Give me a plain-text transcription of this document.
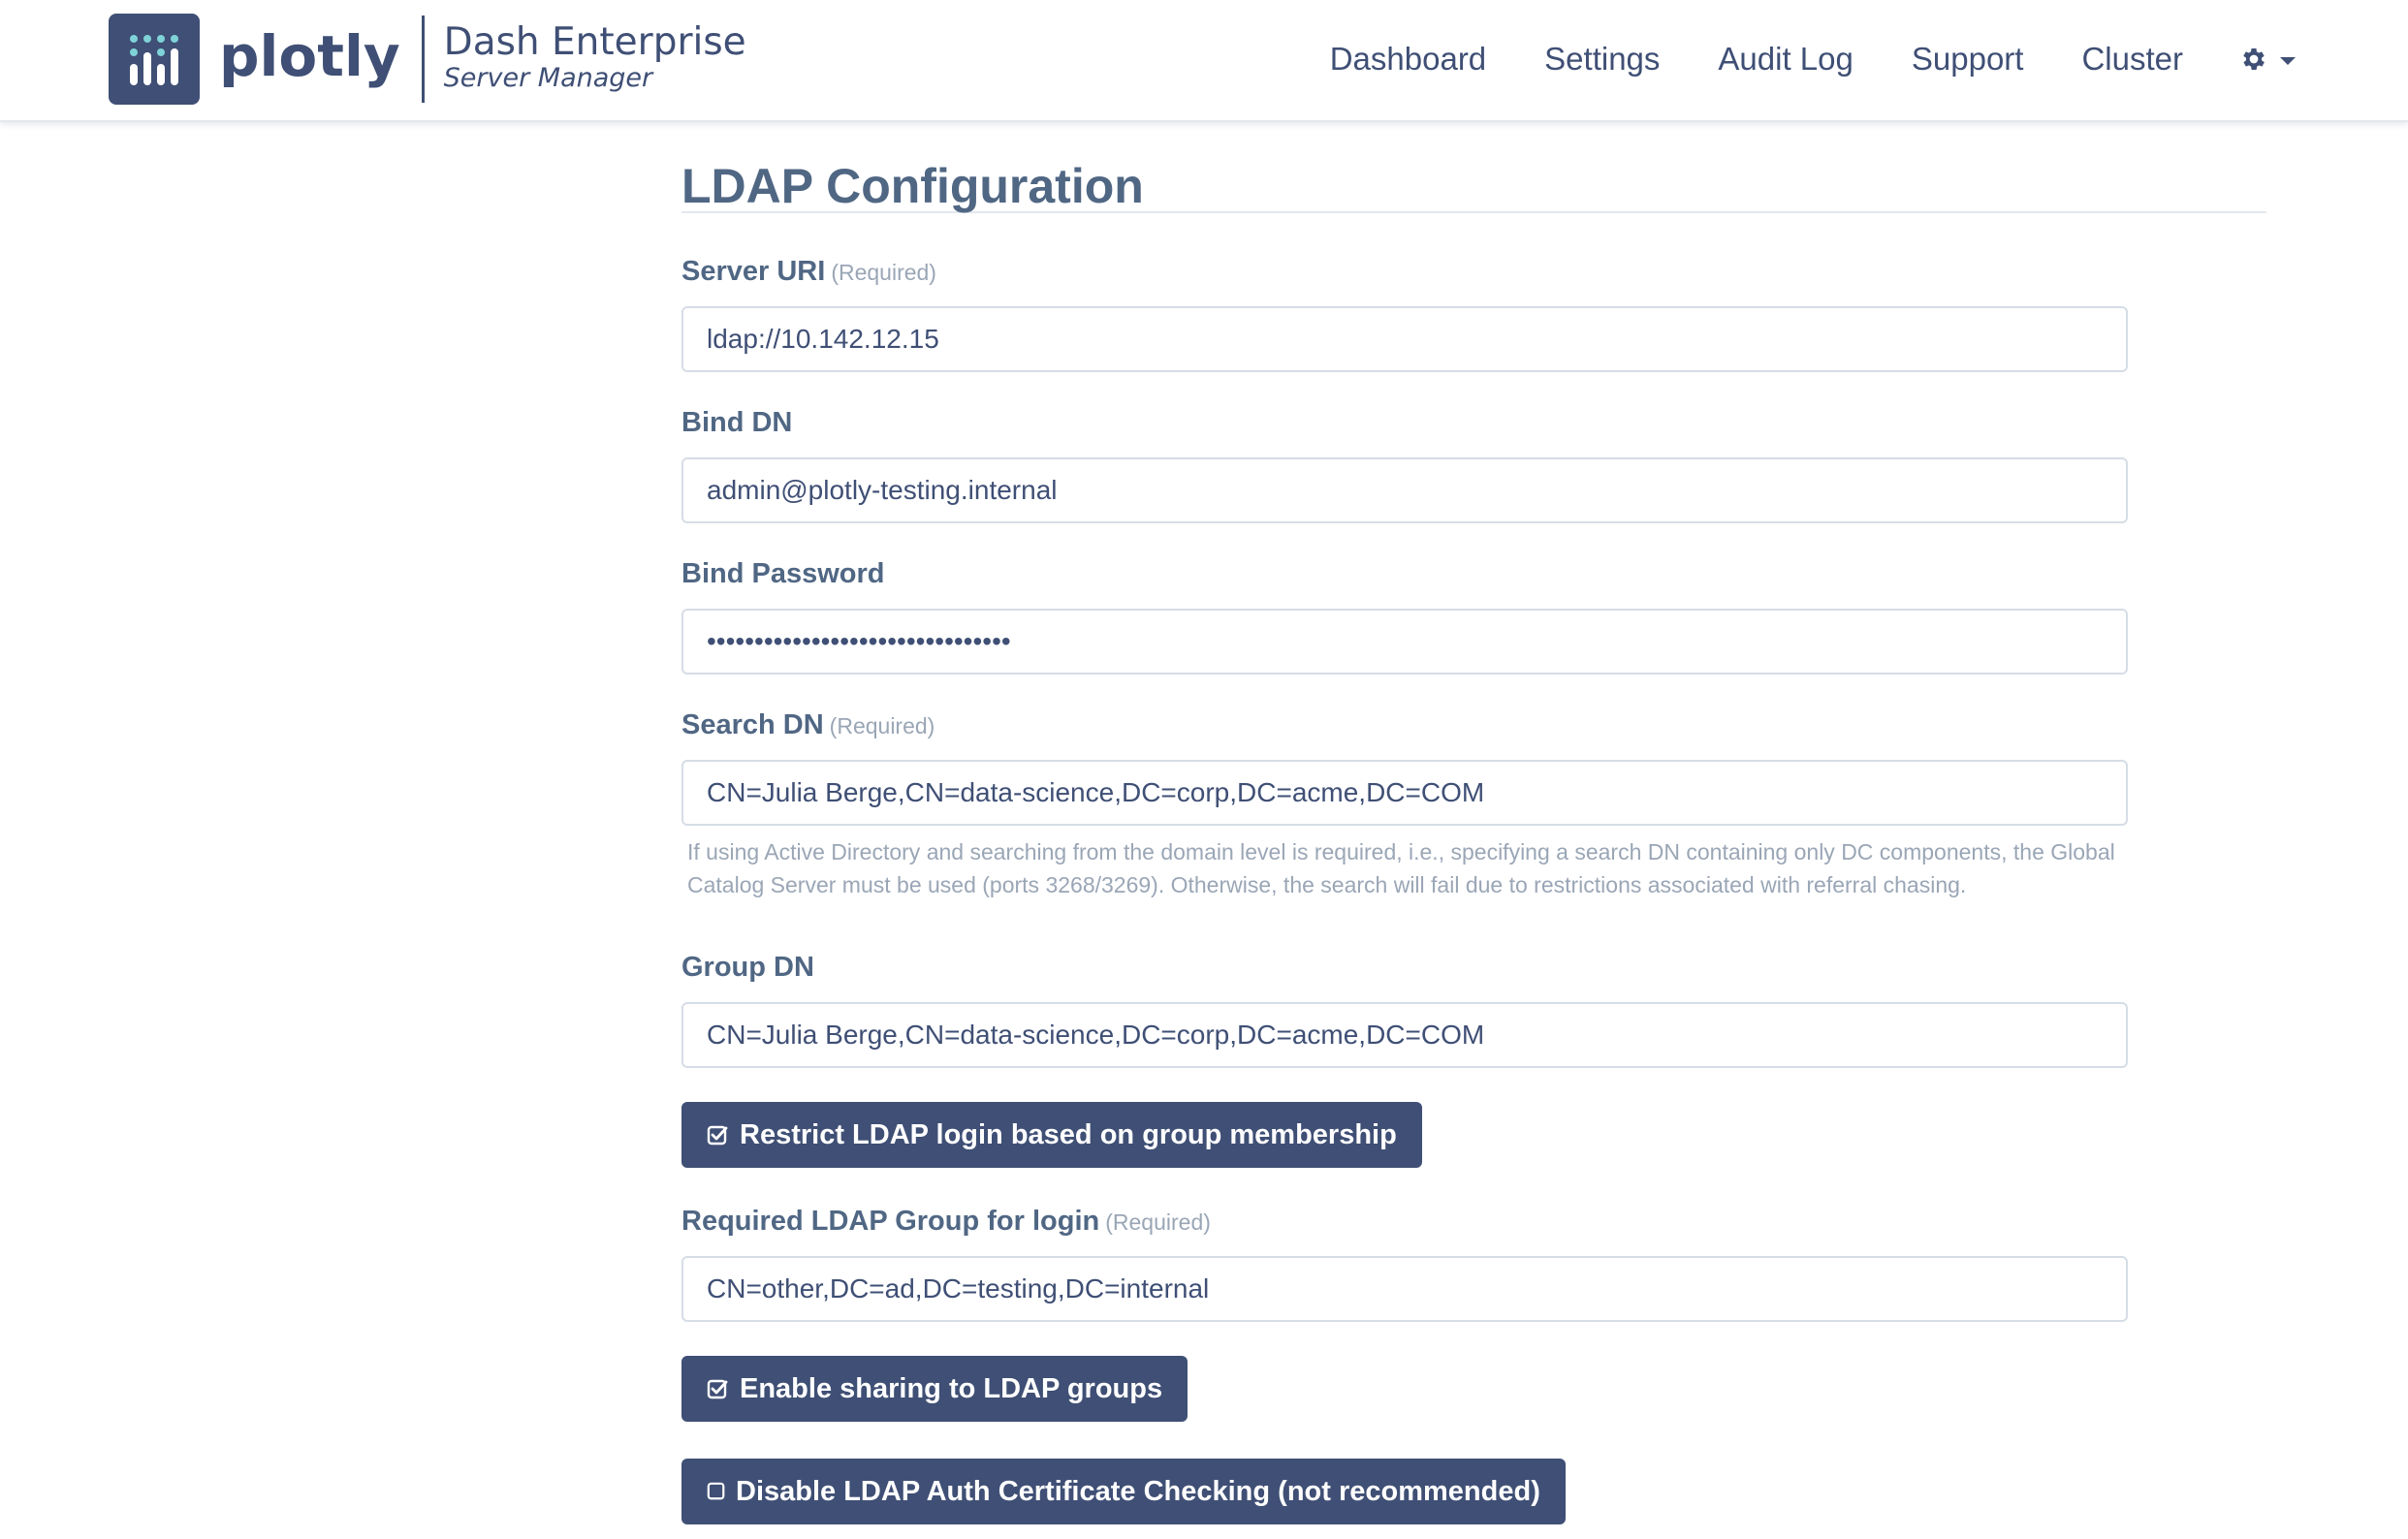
plotly Dash Enterprise
Server Manager
Dashboard Settings Audit Log Support Cluster
LDAP Configuration
Server URI (Required)
ldap://10.142.12.15
Bind DN
admin@plotly-testing.internal
Bind Password
••••••••••••••••••••••••••••••••
Search DN (Required)
CN=Julia Berge,CN=data-science,DC=corp,DC=acme,DC=COM
If using Active Directory and searching from the domain level is required, i.e., specifying a search DN containing only DC components, the Global Catalog Server must be used (ports 3268/3269). Otherwise, the search will fail due to restrictions associated with referral chasing.
Group DN
CN=Julia Berge,CN=data-science,DC=corp,DC=acme,DC=COM
Restrict LDAP login based on group membership
Required LDAP Group for login (Required)
CN=other,DC=ad,DC=testing,DC=internal
Enable sharing to LDAP groups
Disable LDAP Auth Certificate Checking (not recommended)
